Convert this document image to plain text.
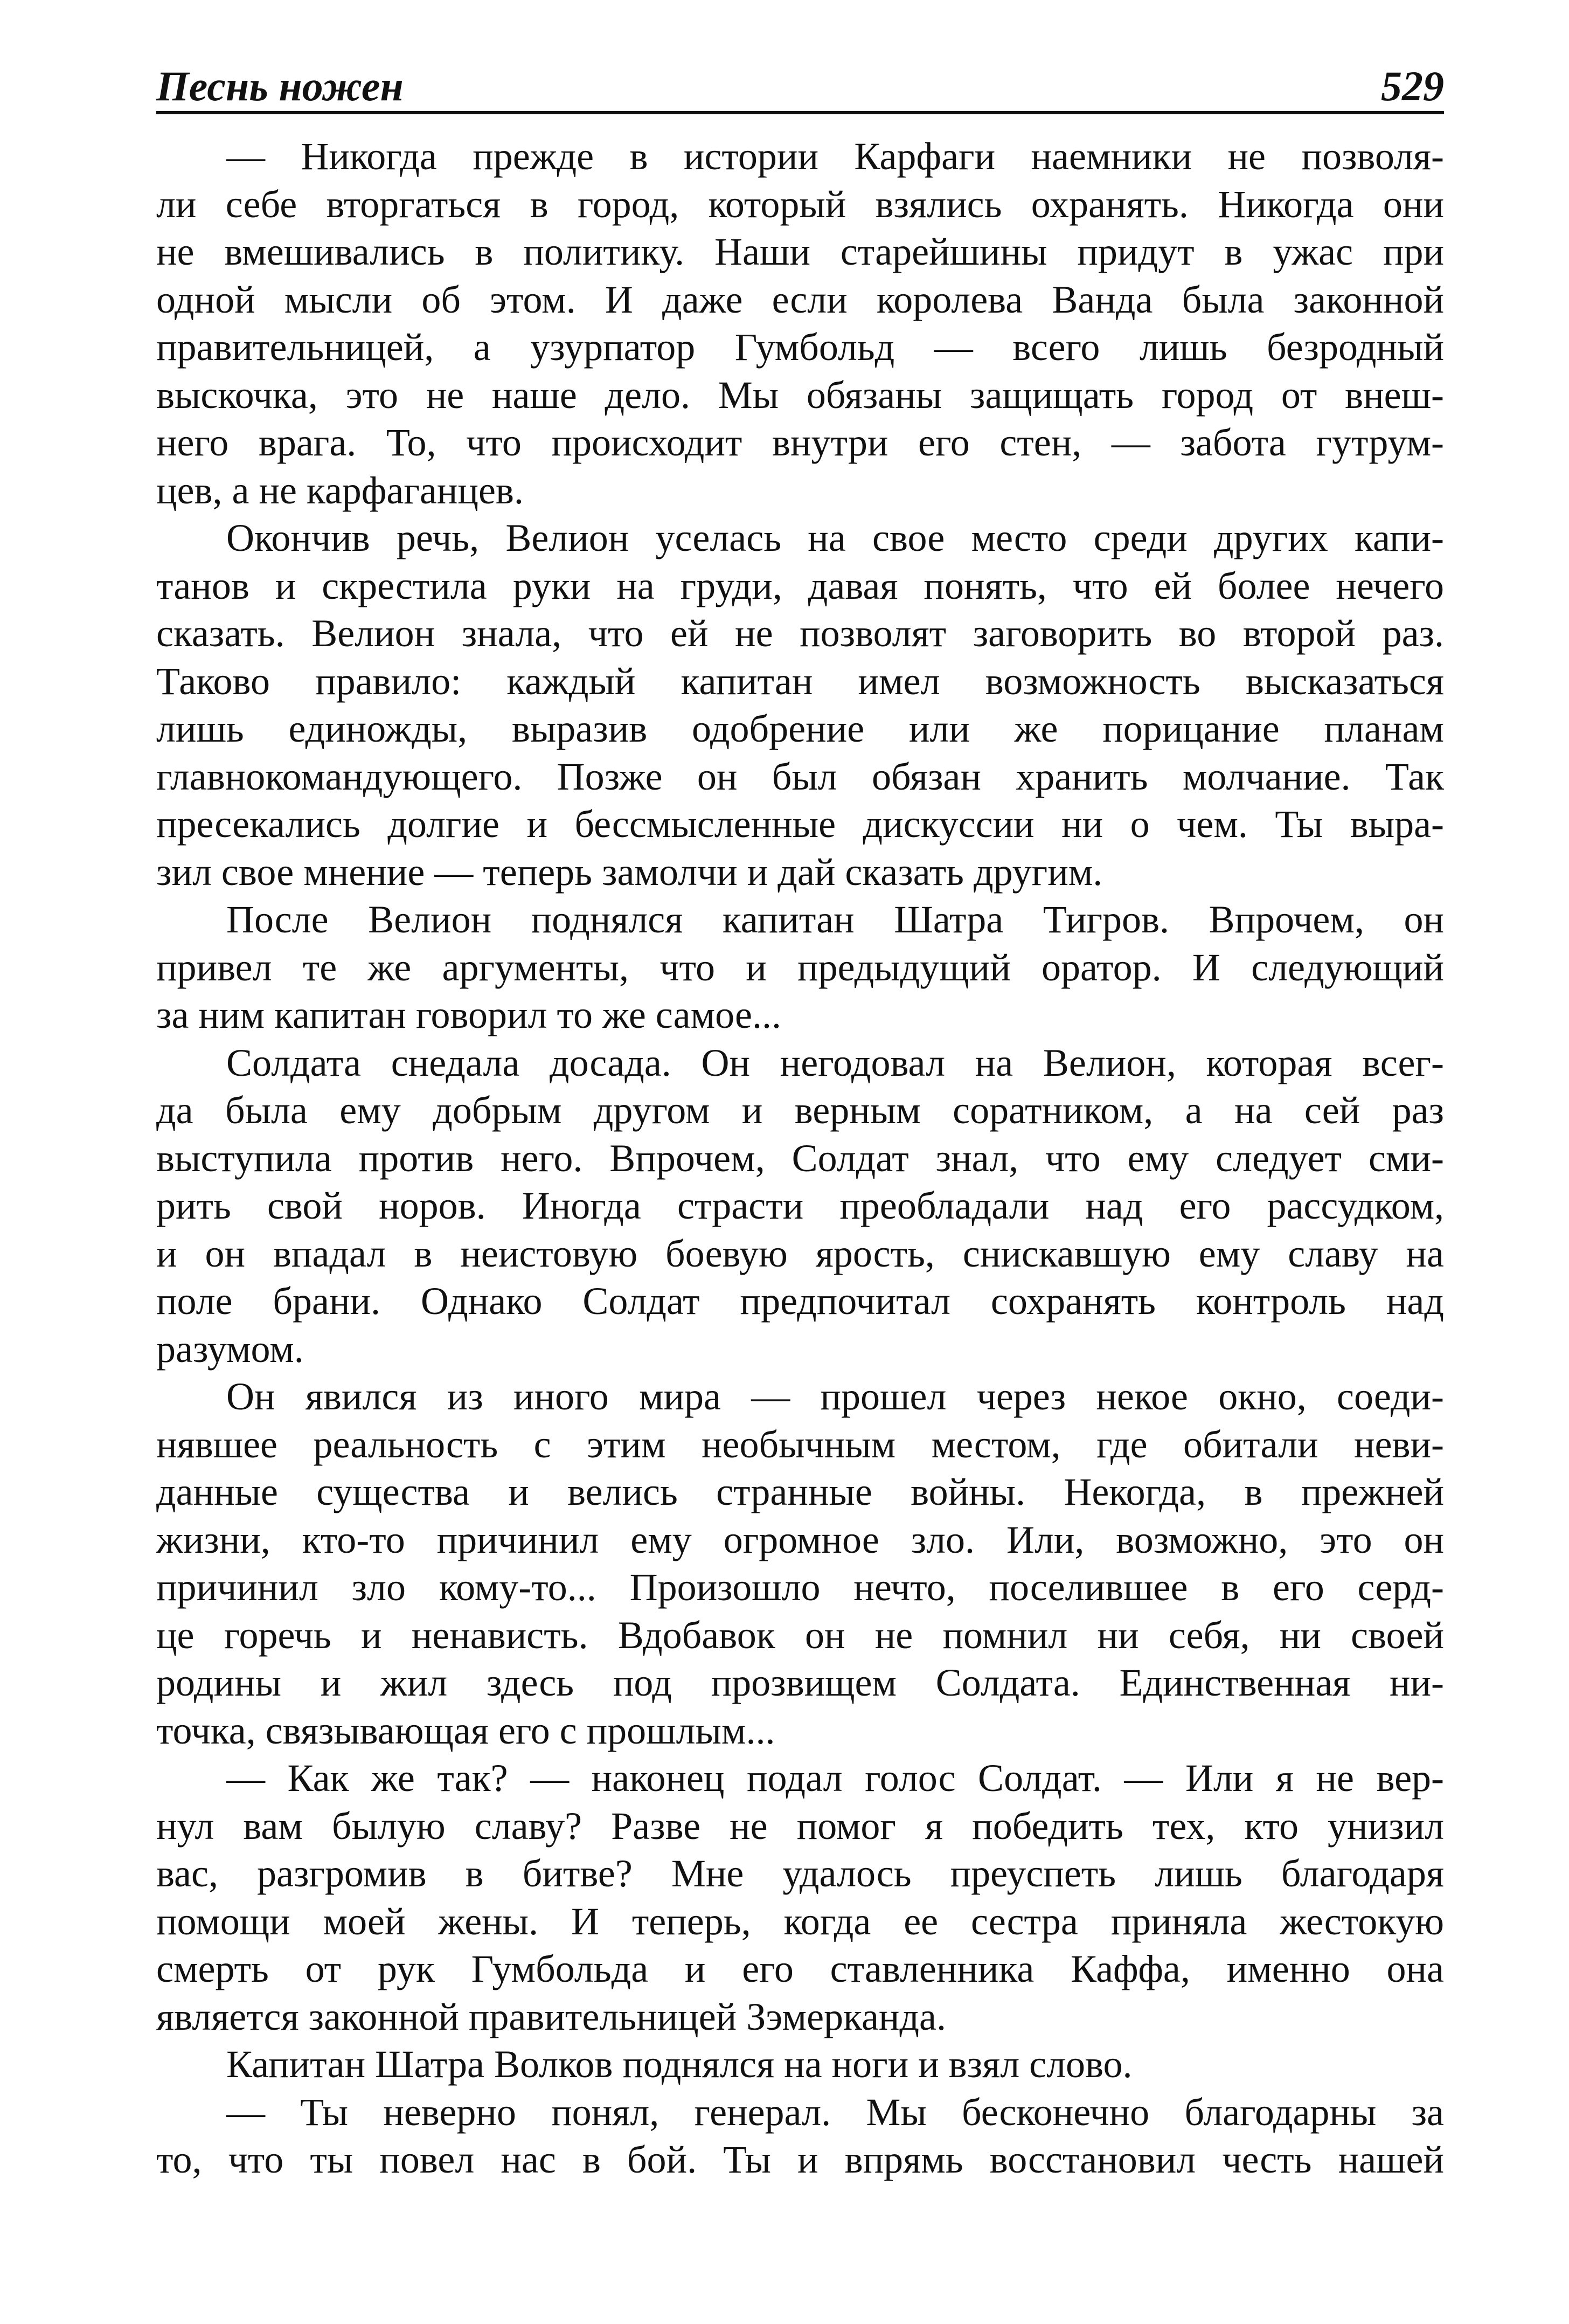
Песнь ножен	529
— Никогда прежде в истории Карфаги наемники не позволя-
ли себе вторгаться в город, который взялись охранять. Никогда они
не вмешивались в политику. Наши старейшины придут в ужас при
одной мысли об этом. И даже если королева Ванда была законной
правительницей, а узурпатор Гумбольд — всего лишь безродный
выскочка, это не наше дело. Мы обязаны защищать город от внеш-
него врага. То, что происходит внутри его стен, — забота гутрум-
цев, а не карфаганцев.
Окончив речь, Велион уселась на свое место среди других капи-
танов и скрестила руки на груди, давая понять, что ей более нечего
сказать. Велион знала, что ей не позволят заговорить во второй раз.
Таково правило: каждый капитан имел возможность высказаться
лишь единожды, выразив одобрение или же порицание планам
главнокомандующего. Позже он был обязан хранить молчание. Так
пресекались долгие и бессмысленные дискуссии ни о чем. Ты выра-
зил свое мнение — теперь замолчи и дай сказать другим.
После Велион поднялся капитан Шатра Тигров. Впрочем, он
привел те же аргументы, что и предыдущий оратор. И следующий
за ним капитан говорил то же самое...
Солдата снедала досада. Он негодовал на Велион, которая всег-
да была ему добрым другом и верным соратником, а на сей раз
выступила против него. Впрочем, Солдат знал, что ему следует сми-
рить свой норов. Иногда страсти преобладали над его рассудком,
и он впадал в неистовую боевую ярость, снискавшую ему славу на
поле брани. Однако Солдат предпочитал сохранять контроль над
разумом.
Он явился из иного мира — прошел через некое окно, соеди-
нявшее реальность с этим необычным местом, где обитали неви-
данные существа и велись странные войны. Некогда, в прежней
жизни, кто-то причинил ему огромное зло. Или, возможно, это он
причинил зло кому-то... Произошло нечто, поселившее в его серд-
це горечь и ненависть. Вдобавок он не помнил ни себя, ни своей
родины и жил здесь под прозвищем Солдата. Единственная ни-
точка, связывающая его с прошлым...
— Как же так? — наконец подал голос Солдат. — Или я не вер-
нул вам былую славу? Разве не помог я победить тех, кто унизил
вас, разгромив в битве? Мне удалось преуспеть лишь благодаря
помощи моей жены. И теперь, когда ее сестра приняла жестокую
смерть от рук Гумбольда и его ставленника Каффа, именно она
является законной правительницей Зэмерканда.
Капитан Шатра Волков поднялся на ноги и взял слово.
— Ты неверно понял, генерал. Мы бесконечно благодарны за
то, что ты повел нас в бой. Ты и впрямь восстановил честь нашей
